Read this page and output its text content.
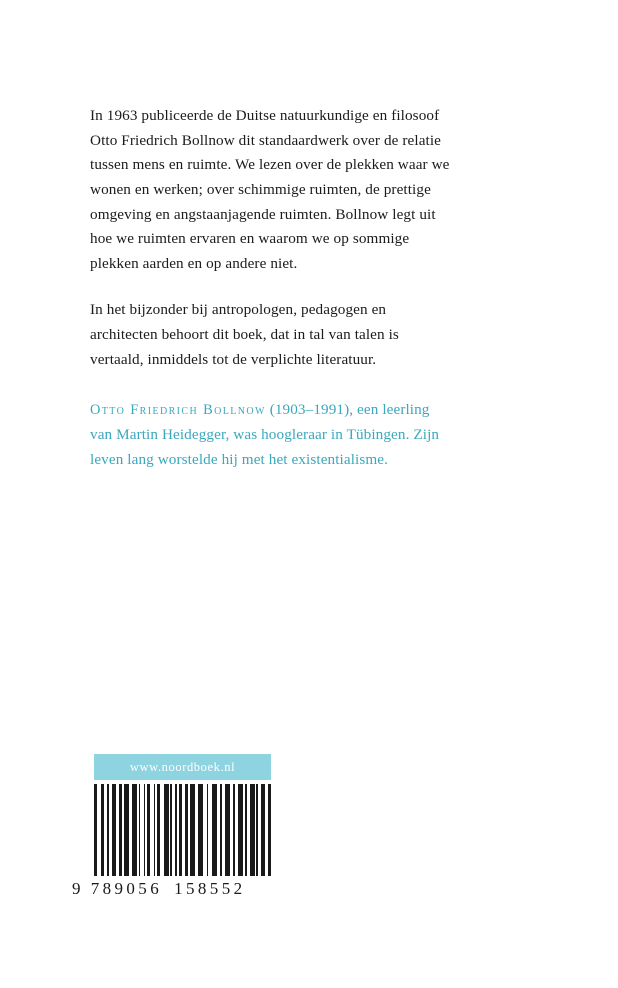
In 1963 publiceerde de Duitse natuurkundige en filosoof Otto Friedrich Bollnow dit standaardwerk over de relatie tussen mens en ruimte. We lezen over de plekken waar we wonen en werken; over schimmige ruimten, de prettige omgeving en angstaanjagende ruimten. Bollnow legt uit hoe we ruimten ervaren en waarom we op sommige plekken aarden en op andere niet.

In het bijzonder bij antropologen, pedagogen en architecten behoort dit boek, dat in tal van talen is vertaald, inmiddels tot de verplichte literatuur.

Otto Friedrich Bollnow (1903–1991), een leerling van Martin Heidegger, was hoogleraar in Tübingen. Zijn leven lang worstelde hij met het existentialisme.

www.noordboek.nl
9 789056 158552
